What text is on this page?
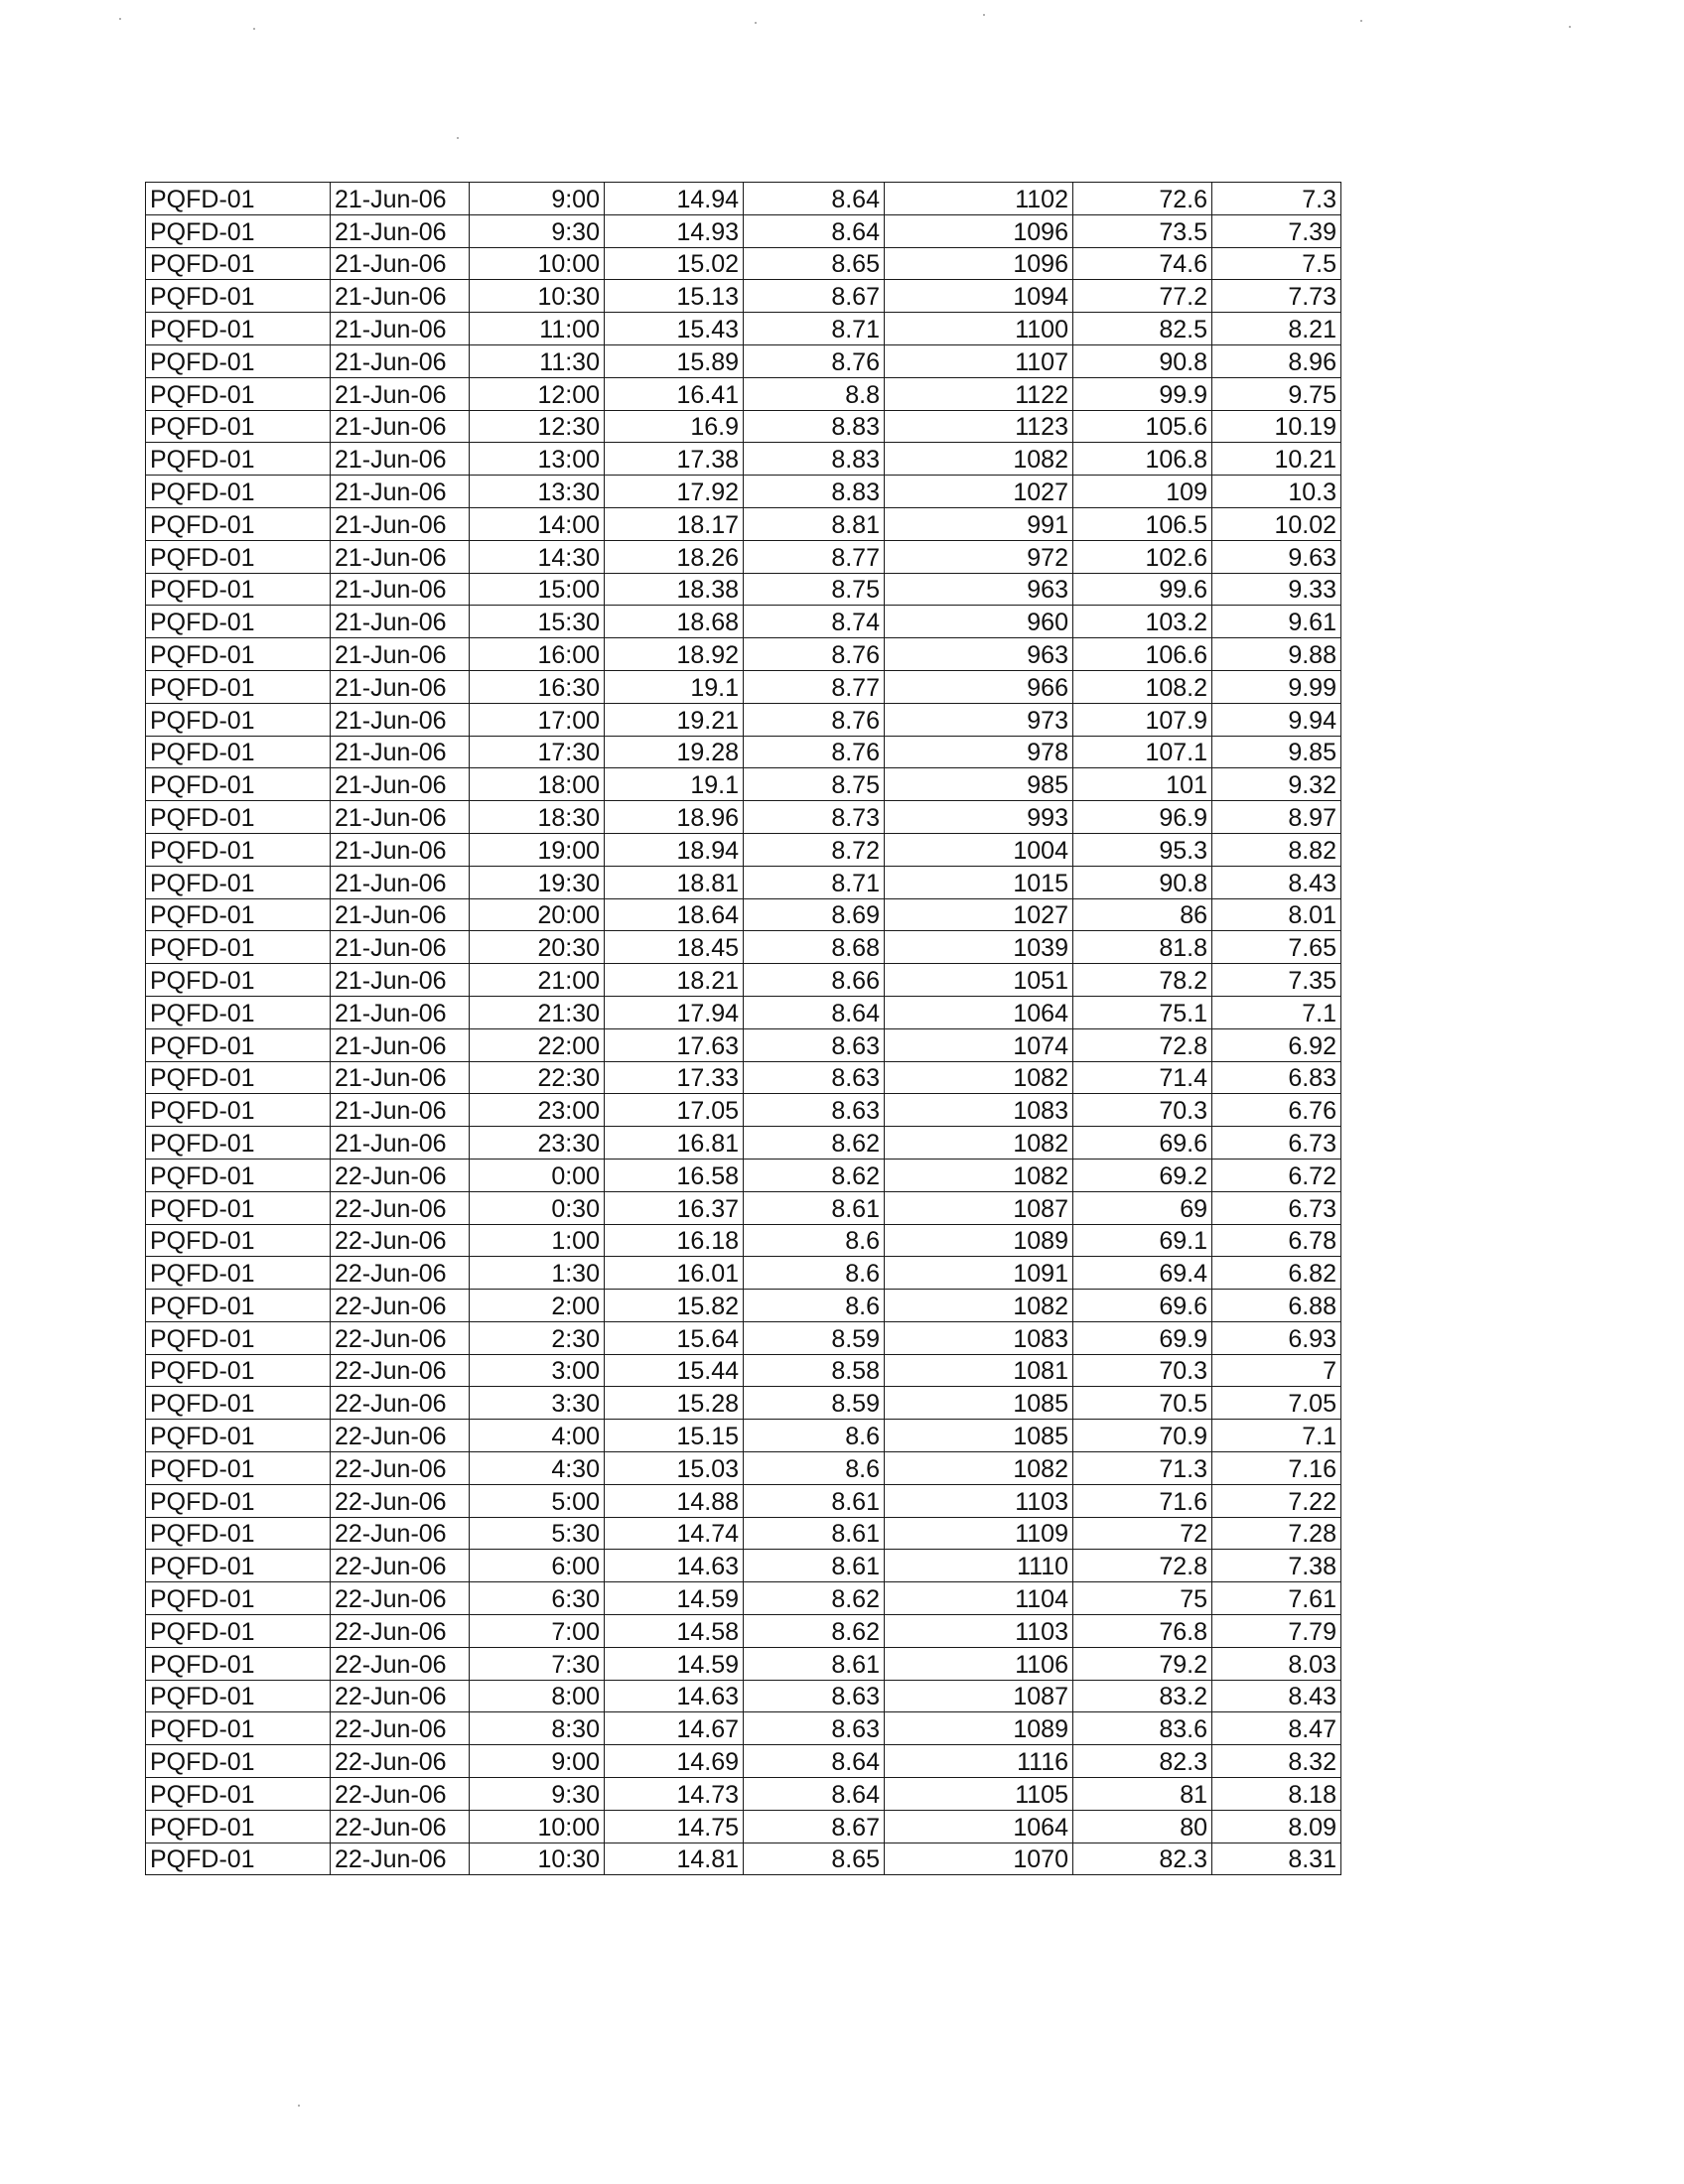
PQFD-01	21-Jun-06	9:00	14.94	8.64	1102	72.6	7.3
PQFD-01	21-Jun-06	9:30	14.93	8.64	1096	73.5	7.39
PQFD-01	21-Jun-06	10:00	15.02	8.65	1096	74.6	7.5
PQFD-01	21-Jun-06	10:30	15.13	8.67	1094	77.2	7.73
PQFD-01	21-Jun-06	11:00	15.43	8.71	1100	82.5	8.21
PQFD-01	21-Jun-06	11:30	15.89	8.76	1107	90.8	8.96
PQFD-01	21-Jun-06	12:00	16.41	8.8	1122	99.9	9.75
PQFD-01	21-Jun-06	12:30	16.9	8.83	1123	105.6	10.19
PQFD-01	21-Jun-06	13:00	17.38	8.83	1082	106.8	10.21
PQFD-01	21-Jun-06	13:30	17.92	8.83	1027	109	10.3
PQFD-01	21-Jun-06	14:00	18.17	8.81	991	106.5	10.02
PQFD-01	21-Jun-06	14:30	18.26	8.77	972	102.6	9.63
PQFD-01	21-Jun-06	15:00	18.38	8.75	963	99.6	9.33
PQFD-01	21-Jun-06	15:30	18.68	8.74	960	103.2	9.61
PQFD-01	21-Jun-06	16:00	18.92	8.76	963	106.6	9.88
PQFD-01	21-Jun-06	16:30	19.1	8.77	966	108.2	9.99
PQFD-01	21-Jun-06	17:00	19.21	8.76	973	107.9	9.94
PQFD-01	21-Jun-06	17:30	19.28	8.76	978	107.1	9.85
PQFD-01	21-Jun-06	18:00	19.1	8.75	985	101	9.32
PQFD-01	21-Jun-06	18:30	18.96	8.73	993	96.9	8.97
PQFD-01	21-Jun-06	19:00	18.94	8.72	1004	95.3	8.82
PQFD-01	21-Jun-06	19:30	18.81	8.71	1015	90.8	8.43
PQFD-01	21-Jun-06	20:00	18.64	8.69	1027	86	8.01
PQFD-01	21-Jun-06	20:30	18.45	8.68	1039	81.8	7.65
PQFD-01	21-Jun-06	21:00	18.21	8.66	1051	78.2	7.35
PQFD-01	21-Jun-06	21:30	17.94	8.64	1064	75.1	7.1
PQFD-01	21-Jun-06	22:00	17.63	8.63	1074	72.8	6.92
PQFD-01	21-Jun-06	22:30	17.33	8.63	1082	71.4	6.83
PQFD-01	21-Jun-06	23:00	17.05	8.63	1083	70.3	6.76
PQFD-01	21-Jun-06	23:30	16.81	8.62	1082	69.6	6.73
PQFD-01	22-Jun-06	0:00	16.58	8.62	1082	69.2	6.72
PQFD-01	22-Jun-06	0:30	16.37	8.61	1087	69	6.73
PQFD-01	22-Jun-06	1:00	16.18	8.6	1089	69.1	6.78
PQFD-01	22-Jun-06	1:30	16.01	8.6	1091	69.4	6.82
PQFD-01	22-Jun-06	2:00	15.82	8.6	1082	69.6	6.88
PQFD-01	22-Jun-06	2:30	15.64	8.59	1083	69.9	6.93
PQFD-01	22-Jun-06	3:00	15.44	8.58	1081	70.3	7
PQFD-01	22-Jun-06	3:30	15.28	8.59	1085	70.5	7.05
PQFD-01	22-Jun-06	4:00	15.15	8.6	1085	70.9	7.1
PQFD-01	22-Jun-06	4:30	15.03	8.6	1082	71.3	7.16
PQFD-01	22-Jun-06	5:00	14.88	8.61	1103	71.6	7.22
PQFD-01	22-Jun-06	5:30	14.74	8.61	1109	72	7.28
PQFD-01	22-Jun-06	6:00	14.63	8.61	1110	72.8	7.38
PQFD-01	22-Jun-06	6:30	14.59	8.62	1104	75	7.61
PQFD-01	22-Jun-06	7:00	14.58	8.62	1103	76.8	7.79
PQFD-01	22-Jun-06	7:30	14.59	8.61	1106	79.2	8.03
PQFD-01	22-Jun-06	8:00	14.63	8.63	1087	83.2	8.43
PQFD-01	22-Jun-06	8:30	14.67	8.63	1089	83.6	8.47
PQFD-01	22-Jun-06	9:00	14.69	8.64	1116	82.3	8.32
PQFD-01	22-Jun-06	9:30	14.73	8.64	1105	81	8.18
PQFD-01	22-Jun-06	10:00	14.75	8.67	1064	80	8.09
PQFD-01	22-Jun-06	10:30	14.81	8.65	1070	82.3	8.31
